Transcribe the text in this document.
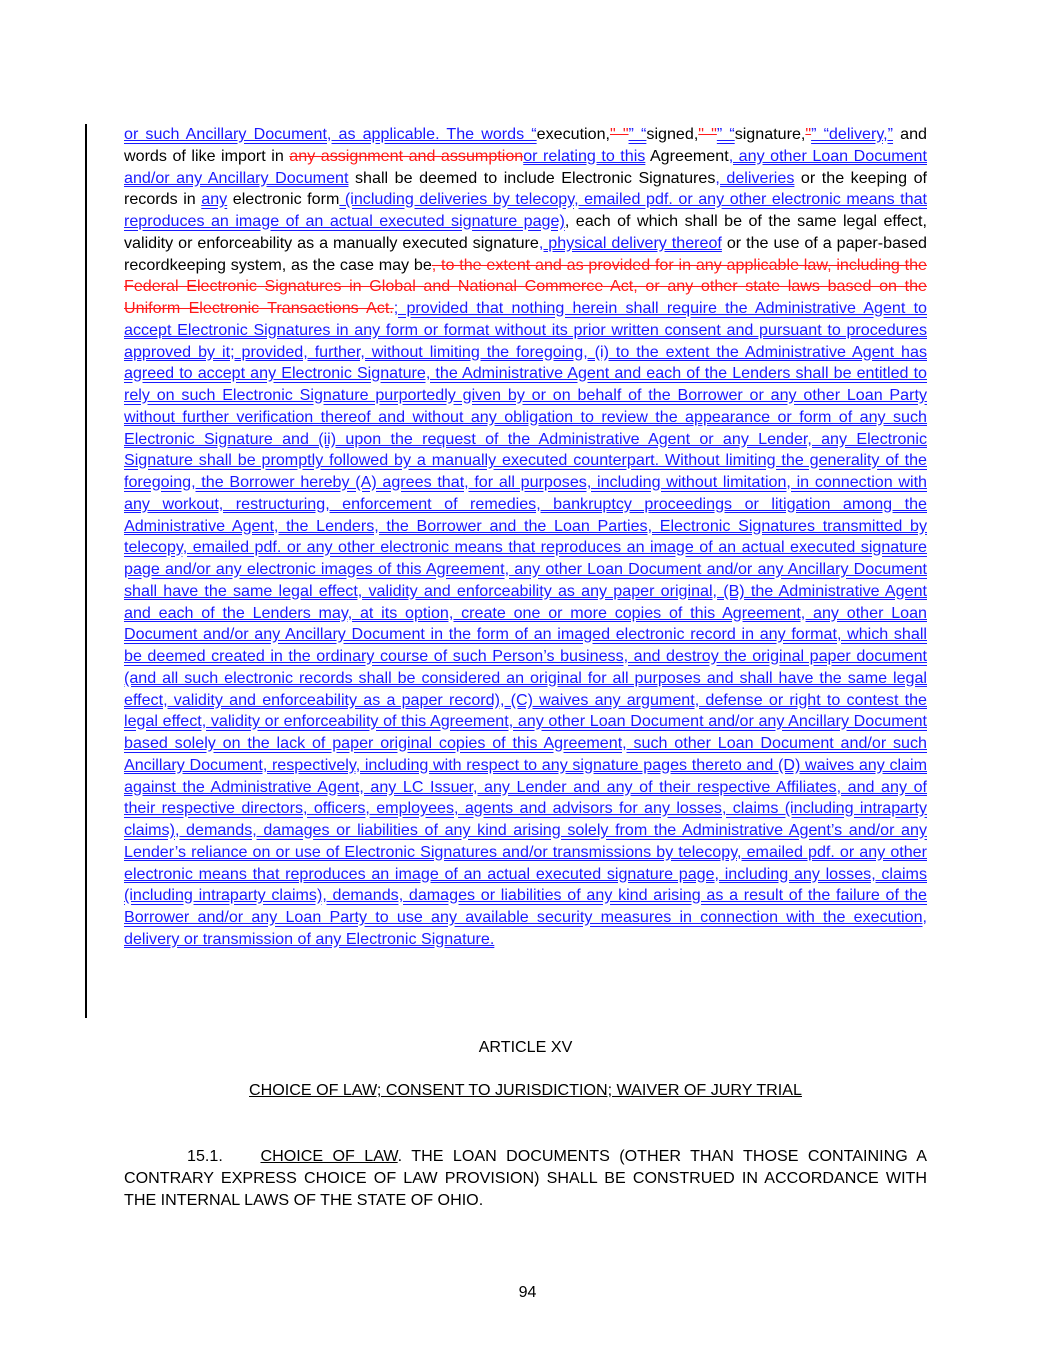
or such Ancillary Document, as applicable. The words “execution," "” “signed," "” “signature,"” “delivery,” and words of like import in any assignment and assumptionor relating to this Agreement, any other Loan Document and/or any Ancillary Document shall be deemed to include Electronic Signatures, deliveries or the keeping of records in any electronic form (including deliveries by telecopy, emailed pdf. or any other electronic means that reproduces an image of an actual executed signature page), each of which shall be of the same legal effect, validity or enforceability as a manually executed signature, physical delivery thereof or the use of a paper-based recordkeeping system, as the case may be, to the extent and as provided for in any applicable law, including the Federal Electronic Signatures in Global and National Commerce Act, or any other state laws based on the Uniform Electronic Transactions Act.; provided that nothing herein shall require the Administrative Agent to accept Electronic Signatures in any form or format without its prior written consent and pursuant to procedures approved by it; provided, further, without limiting the foregoing, (i) to the extent the Administrative Agent has agreed to accept any Electronic Signature, the Administrative Agent and each of the Lenders shall be entitled to rely on such Electronic Signature purportedly given by or on behalf of the Borrower or any other Loan Party without further verification thereof and without any obligation to review the appearance or form of any such Electronic Signature and (ii) upon the request of the Administrative Agent or any Lender, any Electronic Signature shall be promptly followed by a manually executed counterpart. Without limiting the generality of the foregoing, the Borrower hereby (A) agrees that, for all purposes, including without limitation, in connection with any workout, restructuring, enforcement of remedies, bankruptcy proceedings or litigation among the Administrative Agent, the Lenders, the Borrower and the Loan Parties, Electronic Signatures transmitted by telecopy, emailed pdf. or any other electronic means that reproduces an image of an actual executed signature page and/or any electronic images of this Agreement, any other Loan Document and/or any Ancillary Document shall have the same legal effect, validity and enforceability as any paper original, (B) the Administrative Agent and each of the Lenders may, at its option, create one or more copies of this Agreement, any other Loan Document and/or any Ancillary Document in the form of an imaged electronic record in any format, which shall be deemed created in the ordinary course of such Person’s business, and destroy the original paper document (and all such electronic records shall be considered an original for all purposes and shall have the same legal effect, validity and enforceability as a paper record), (C) waives any argument, defense or right to contest the legal effect, validity or enforceability of this Agreement, any other Loan Document and/or any Ancillary Document based solely on the lack of paper original copies of this Agreement, such other Loan Document and/or such Ancillary Document, respectively, including with respect to any signature pages thereto and (D) waives any claim against the Administrative Agent, any LC Issuer, any Lender and any of their respective Affiliates, and any of their respective directors, officers, employees, agents and advisors for any losses, claims (including intraparty claims), demands, damages or liabilities of any kind arising solely from the Administrative Agent’s and/or any Lender’s reliance on or use of Electronic Signatures and/or transmissions by telecopy, emailed pdf. or any other electronic means that reproduces an image of an actual executed signature page, including any losses, claims (including intraparty claims), demands, damages or liabilities of any kind arising as a result of the failure of the Borrower and/or any Loan Party to use any available security measures in connection with the execution, delivery or transmission of any Electronic Signature.
ARTICLE XV
CHOICE OF LAW; CONSENT TO JURISDICTION; WAIVER OF JURY TRIAL
15.1. CHOICE OF LAW. THE LOAN DOCUMENTS (OTHER THAN THOSE CONTAINING A CONTRARY EXPRESS CHOICE OF LAW PROVISION) SHALL BE CONSTRUED IN ACCORDANCE WITH THE INTERNAL LAWS OF THE STATE OF OHIO.
94
